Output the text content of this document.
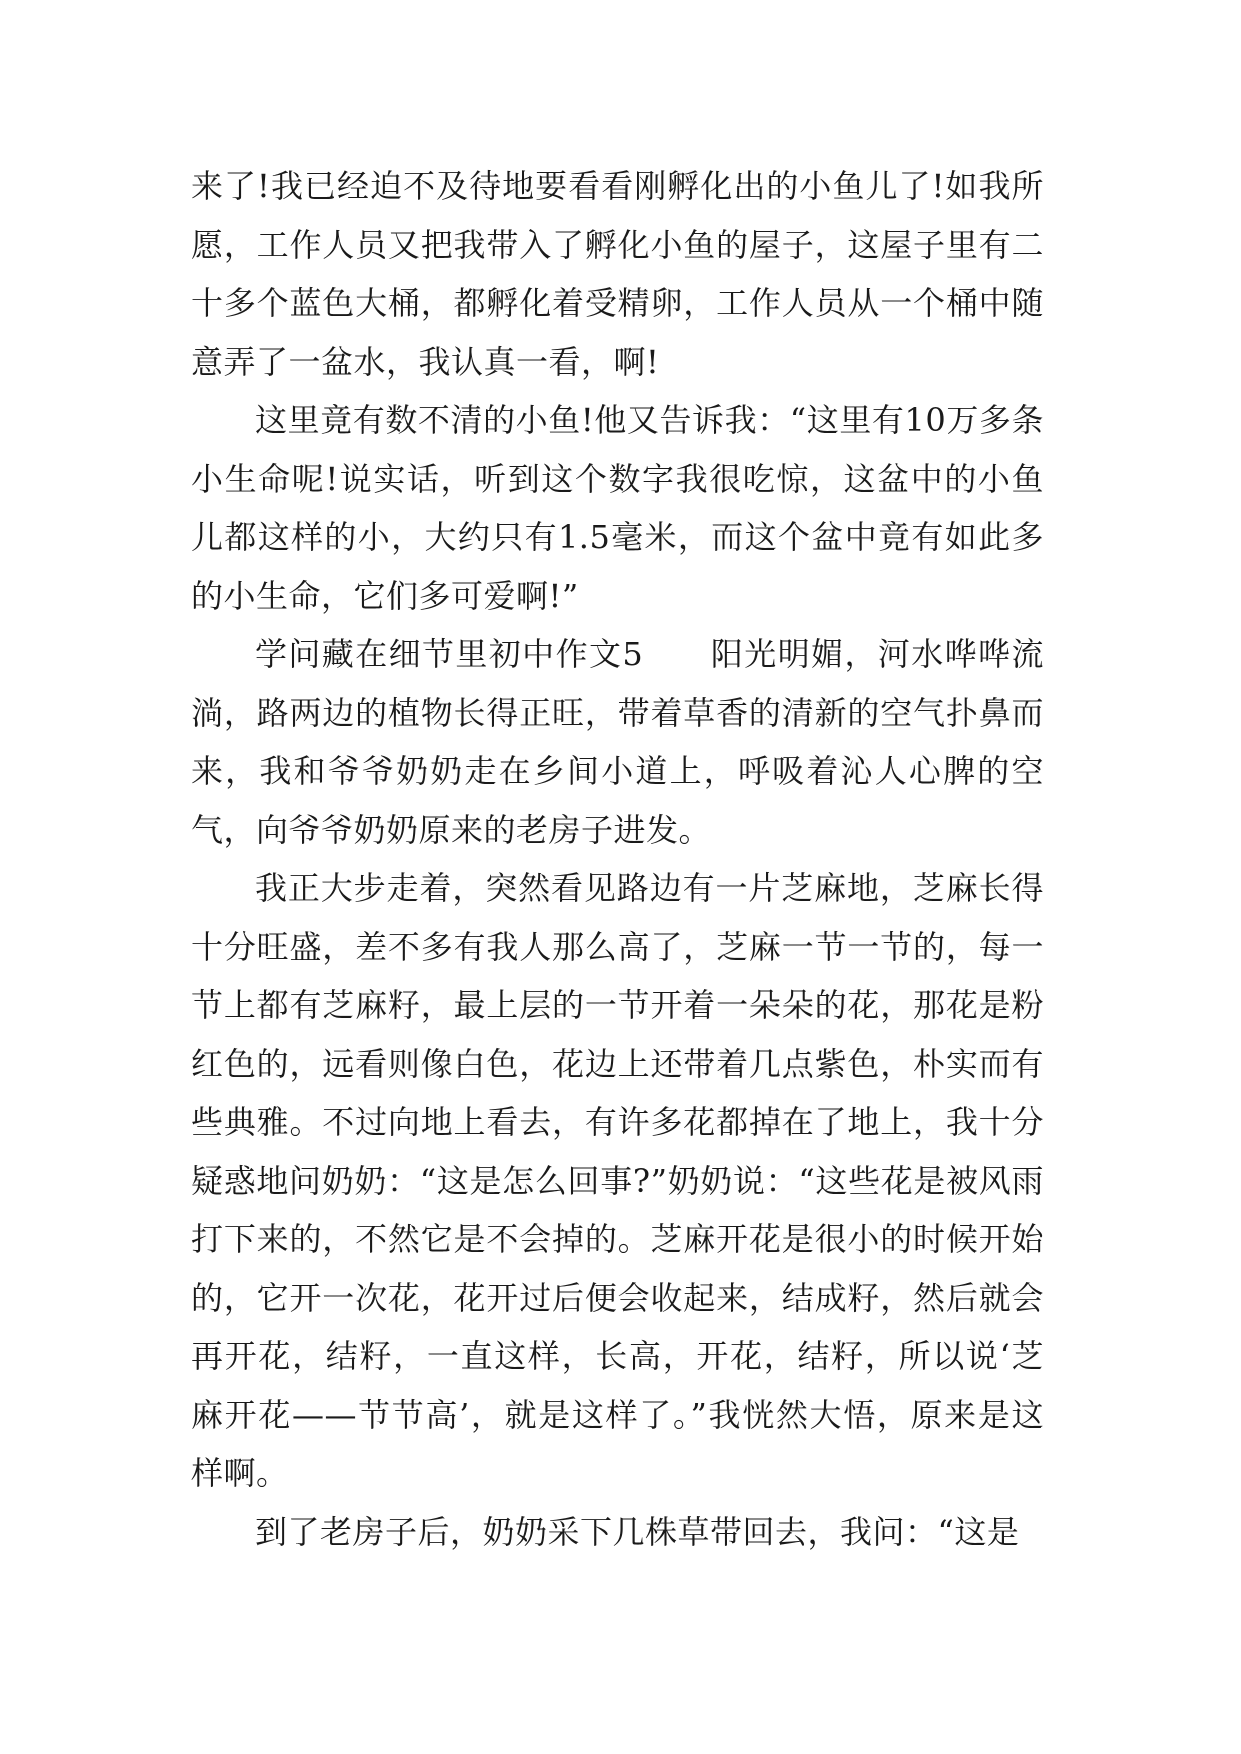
来了!我已经迫不及待地要看看刚孵化出的小鱼儿了!如我所愿，工作人员又把我带入了孵化小鱼的屋子，这屋子里有二十多个蓝色大桶，都孵化着受精卵，工作人员从一个桶中随意弄了一盆水，我认真一看，啊!

这里竟有数不清的小鱼!他又告诉我：“这里有10万多条小生命呢!说实话，听到这个数字我很吃惊，这盆中的小鱼儿都这样的小，大约只有1.5毫米，而这个盆中竟有如此多的小生命，它们多可爱啊!”

学问藏在细节里初中作文5　　阳光明媚，河水哗哗流淌，路两边的植物长得正旺，带着草香的清新的空气扑鼻而来，我和爷爷奶奶走在乡间小道上，呼吸着沁人心脾的空气，向爷爷奶奶原来的老房子进发。

我正大步走着，突然看见路边有一片芝麻地，芝麻长得十分旺盛，差不多有我人那么高了，芝麻一节一节的，每一节上都有芝麻籽，最上层的一节开着一朵朵的花，那花是粉红色的，远看则像白色，花边上还带着几点紫色，朴实而有些典雅。不过向地上看去，有许多花都掉在了地上，我十分疑惑地问奶奶：“这是怎么回事?”奶奶说：“这些花是被风雨打下来的，不然它是不会掉的。芝麻开花是很小的时候开始的，它开一次花，花开过后便会收起来，结成籽，然后就会再开花，结籽，一直这样，长高，开花，结籽，所以说‘芝麻开花——节节高’，就是这样了。”我恍然大悟，原来是这样啊。

到了老房子后，奶奶采下几株草带回去，我问：“这是
